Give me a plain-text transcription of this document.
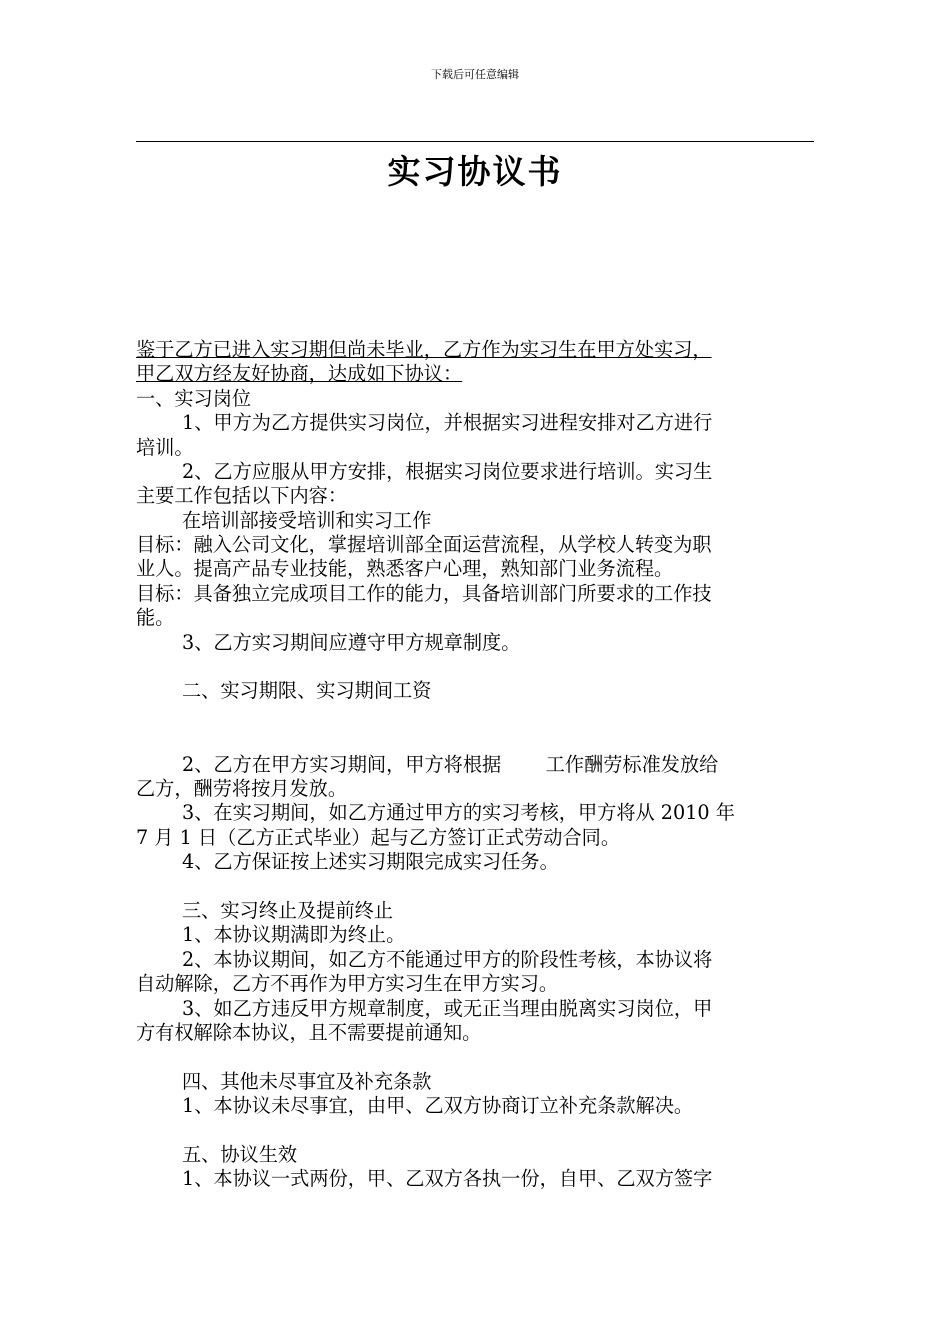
下载后可任意编辑
实习协议书

鉴于乙方已进入实习期但尚未毕业，乙方作为实习生在甲方处实习，
甲乙双方经友好协商，达成如下协议：
一、实习岗位
1、甲方为乙方提供实习岗位，并根据实习进程安排对乙方进行
培训。
2、乙方应服从甲方安排，根据实习岗位要求进行培训。实习生
主要工作包括以下内容：
在培训部接受培训和实习工作
目标：融入公司文化，掌握培训部全面运营流程，从学校人转变为职
业人。提高产品专业技能，熟悉客户心理，熟知部门业务流程。
目标：具备独立完成项目工作的能力，具备培训部门所要求的工作技
能。
3、乙方实习期间应遵守甲方规章制度。
二、实习期限、实习期间工资

2、乙方在甲方实习期间，甲方将根据　　 工作酬劳标准发放给
乙方，酬劳将按月发放。
3、在实习期间，如乙方通过甲方的实习考核，甲方将从 2010 年
7 月 1 日（乙方正式毕业）起与乙方签订正式劳动合同。
4、乙方保证按上述实习期限完成实习任务。
三、实习终止及提前终止
1、本协议期满即为终止。
2、本协议期间，如乙方不能通过甲方的阶段性考核，本协议将
自动解除，乙方不再作为甲方实习生在甲方实习。
3、如乙方违反甲方规章制度，或无正当理由脱离实习岗位，甲
方有权解除本协议，且不需要提前通知。
四、其他未尽事宜及补充条款
1、本协议未尽事宜，由甲、乙双方协商订立补充条款解决。
五、协议生效
1、本协议一式两份，甲、乙双方各执一份，自甲、乙双方签字
